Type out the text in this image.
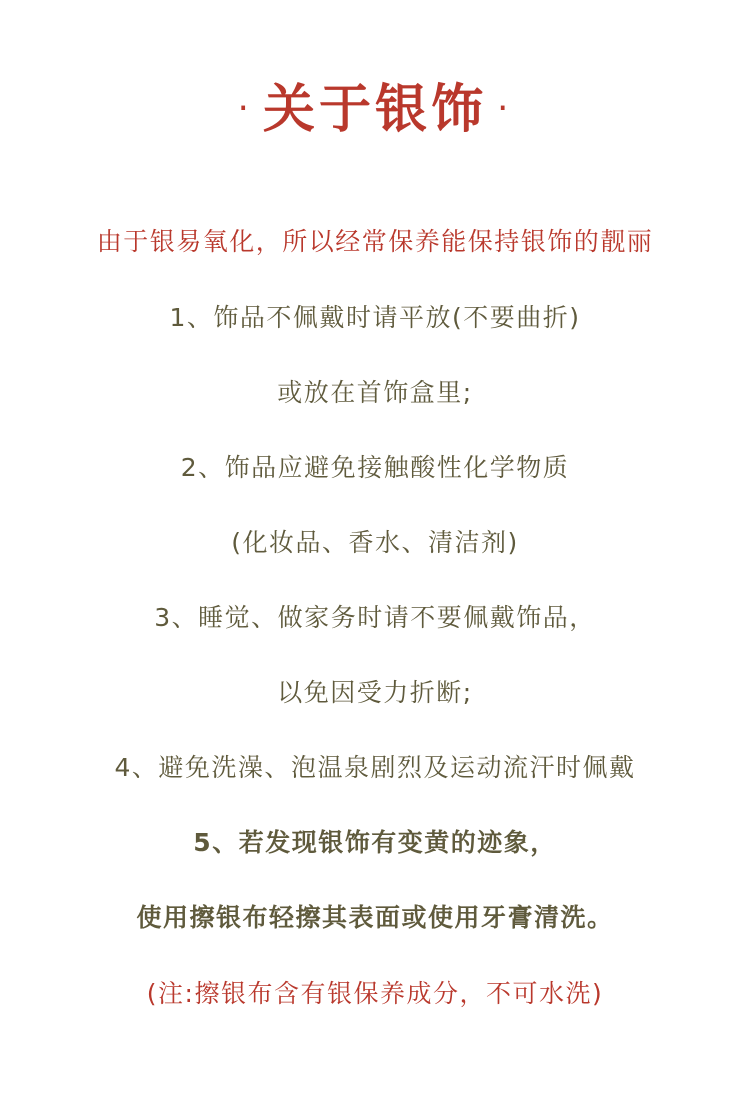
· 关于银饰 ·
由于银易氧化，所以经常保养能保持银饰的靓丽
1、饰品不佩戴时请平放(不要曲折)
或放在首饰盒里;
2、饰品应避免接触酸性化学物质
(化妆品、香水、清洁剂)
3、睡觉、做家务时请不要佩戴饰品，
以免因受力折断;
4、避免洗澡、泡温泉剧烈及运动流汗时佩戴
5、若发现银饰有变黄的迹象，
使用擦银布轻擦其表面或使用牙膏清洗。
(注:擦银布含有银保养成分，不可水洗)
